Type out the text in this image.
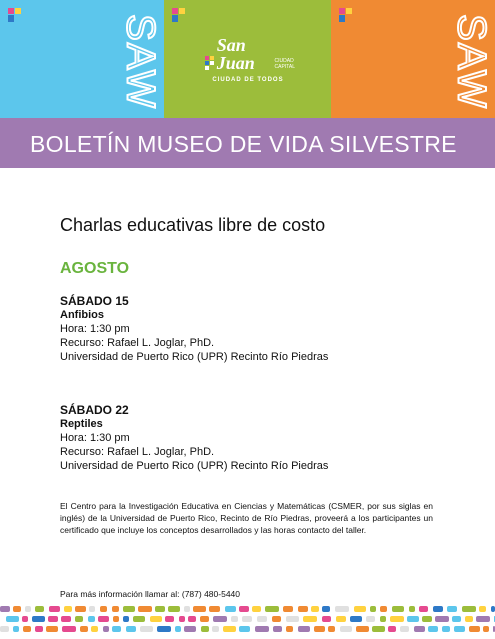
SAW	SAW
San Juan	CIUDAD CAPITAL
CIUDAD DE TODOS
BOLETÍN MUSEO DE VIDA SILVESTRE
Charlas educativas libre de costo
AGOSTO
SÁBADO 15
Anfibios
Hora: 1:30 pm
Recurso: Rafael L. Joglar, PhD.
Universidad de Puerto Rico (UPR) Recinto Río Piedras
SÁBADO 22
Reptiles
Hora: 1:30 pm
Recurso: Rafael L. Joglar, PhD.
Universidad de Puerto Rico (UPR) Recinto Río Piedras
El Centro para la Investigación Educativa en Ciencias y Matemáticas (CSMER, por sus siglas en inglés) de la Universidad de Puerto Rico, Recinto de Río Piedras, proveerá a los participantes un certificado que incluye los conceptos desarrollados y las horas contacto del taller.
Para más información llamar al: (787) 480-5440
